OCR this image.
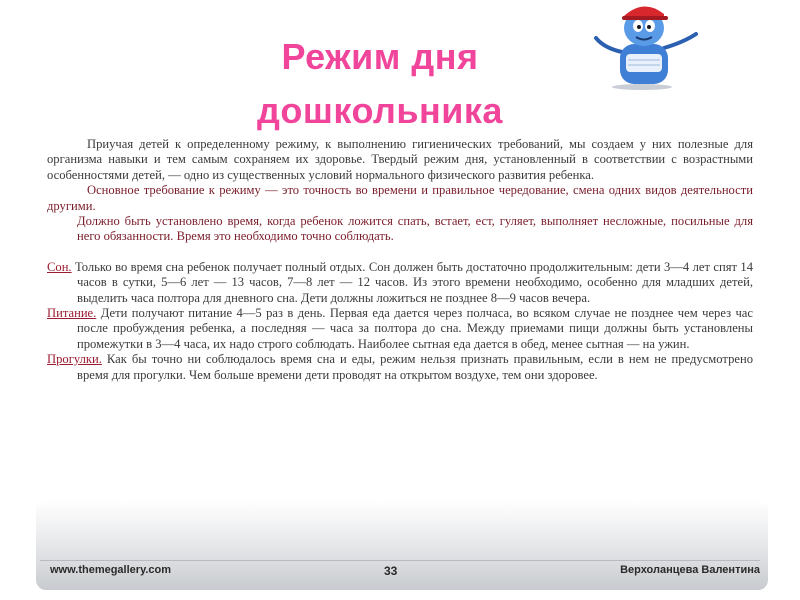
Режим дня
дошкольника

Приучая детей к определенному режиму, к выполнению гигиенических требований, мы создаем у них полезные для организма навыки и тем самым сохраняем их здоровье. Твердый режим дня, установленный в соответствии с возрастными особенностями детей, — одно из существенных условий нормального физического развития ребенка.

Основное требование к режиму — это точность во времени и правильное чередование, смена одних видов деятельности другими.

Должно быть установлено время, когда ребенок ложится спать, встает, ест, гуляет, выполняет несложные, посильные для него обязанности. Время это необходимо точно соблюдать.

Сон. Только во время сна ребенок получает полный отдых. Сон должен быть достаточно продолжительным: дети 3—4 лет спят 14 часов в сутки, 5—6 лет — 13 часов, 7—8 лет — 12 часов. Из этого времени необходимо, особенно для младших детей, выделить часа полтора для дневного сна. Дети должны ложиться не позднее 8—9 часов вечера.

Питание. Дети получают питание 4—5 раз в день. Первая еда дается через полчаса, во всяком случае не позднее чем через час после пробуждения ребенка, а последняя — часа за полтора до сна. Между приемами пищи должны быть установлены промежутки в 3—4 часа, их надо строго соблюдать. Наиболее сытная еда дается в обед, менее сытная — на ужин.

Прогулки. Как бы точно ни соблюдалось время сна и еды, режим нельзя признать правильным, если в нем не предусмотрено время для прогулки. Чем больше времени дети проводят на открытом воздухе, тем они здоровее.

www.themegallery.com	33	Верхоланцева Валентина
